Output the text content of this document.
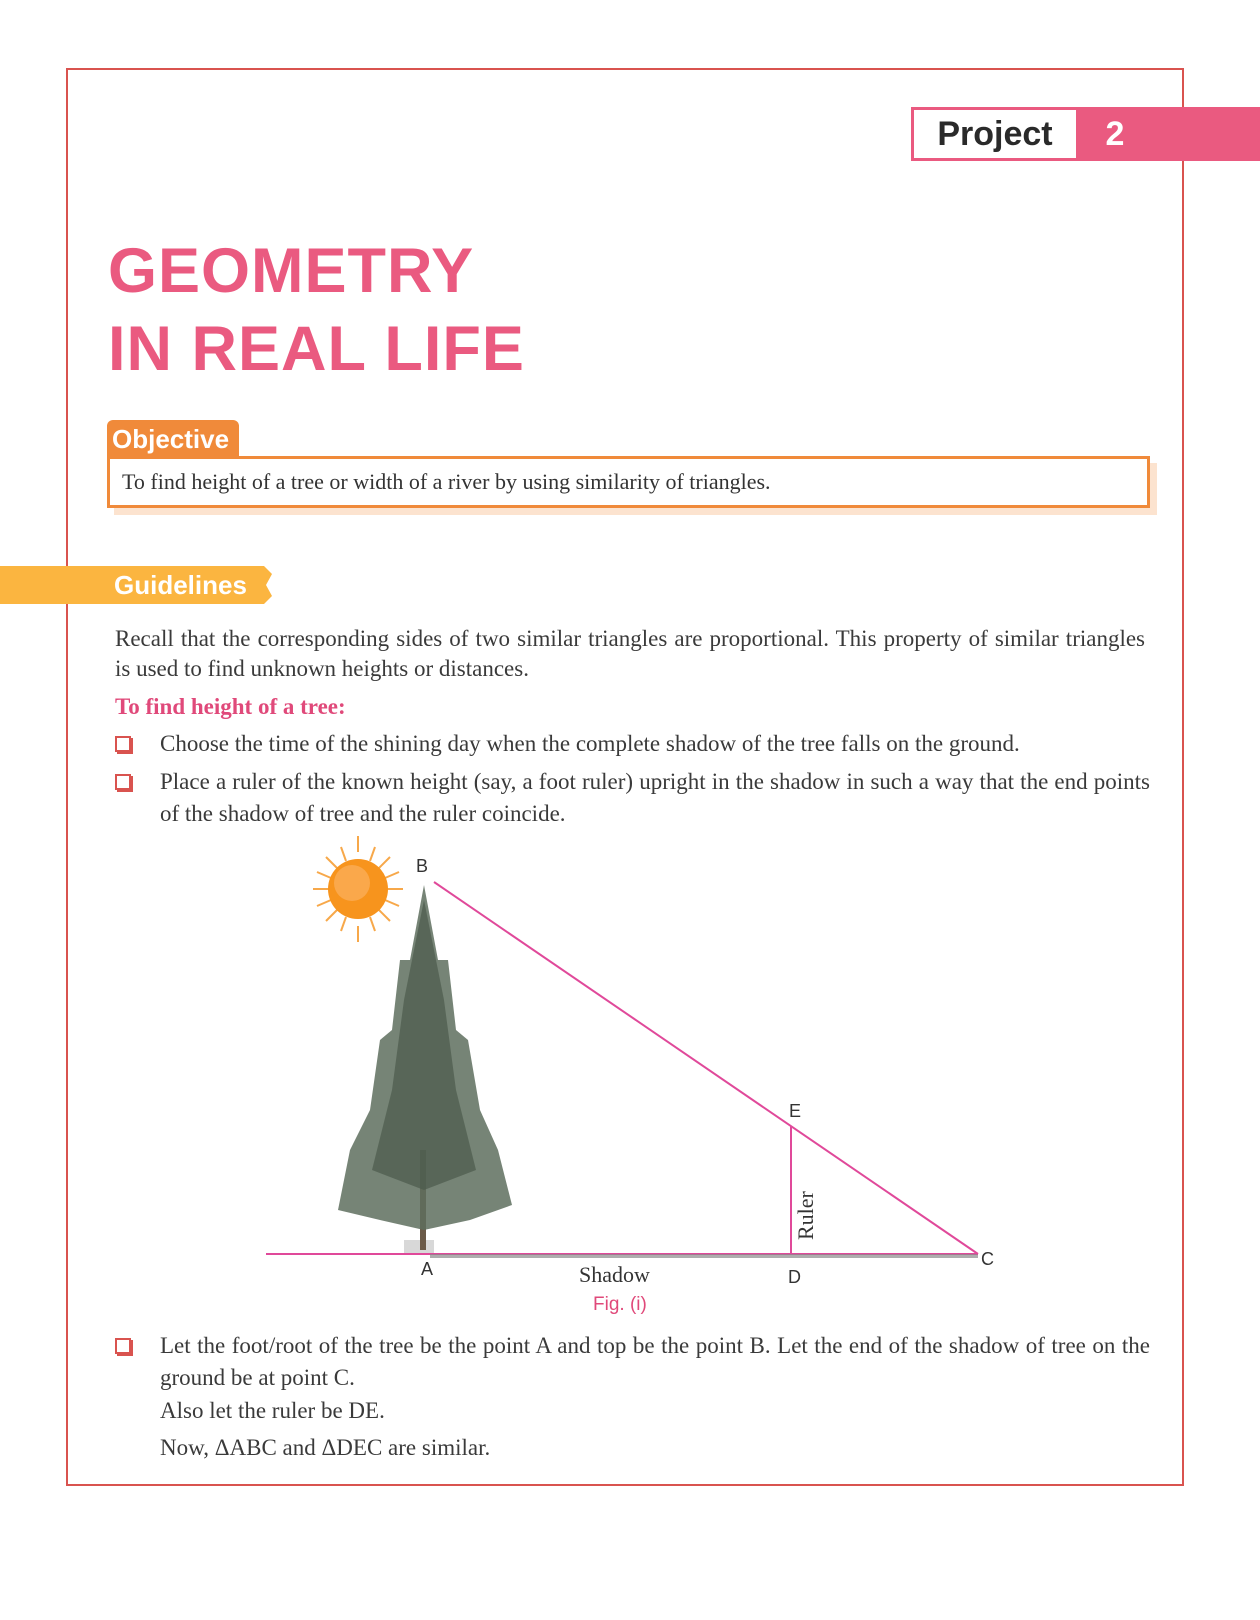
Project	2
GEOMETRY
IN REAL LIFE
Objective
To find height of a tree or width of a river by using similarity of triangles.
Guidelines
Recall that the corresponding sides of two similar triangles are proportional. This property of similar triangles is used to find unknown heights or distances.
To find height of a tree:
Choose the time of the shining day when the complete shadow of the tree falls on the ground.
Place a ruler of the known height (say, a foot ruler) upright in the shadow in such a way that the end points of the shadow of tree and the ruler coincide.
B
A	C
D
E
Shadow
Ruler
Fig. (i)
Let the foot/root of the tree be the point A and top be the point B. Let the end of the shadow of tree on the ground be at point C.
Also let the ruler be DE.
Now, ΔABC and ΔDEC are similar.
